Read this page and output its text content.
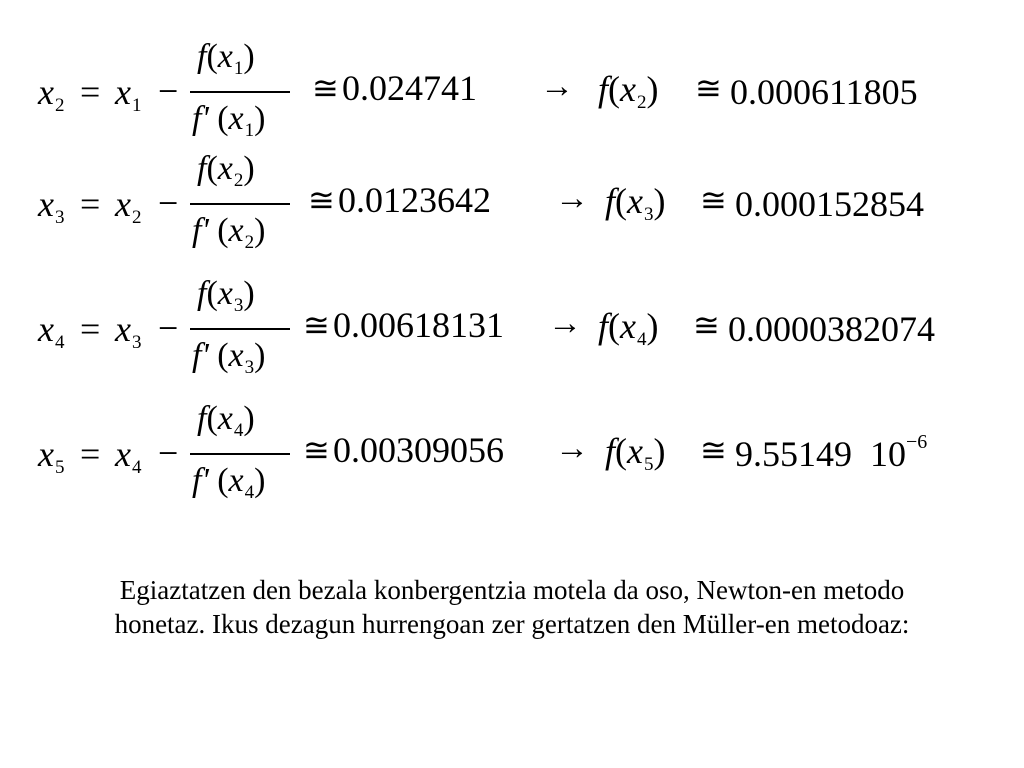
$x_2 = x_1$ −
$f(x_1)$
f' $(x_1)$
≅ $0.024741 \to f(x_2)$ ≅ 0.000611805
$x_3 = x_2$ −
$f(x_2)$
f' $(x_2)$
≅ $0.0123642 \to f(x_3)$ ≅ 0.000152854
$x_4 = x_3$ −
$f(x_3)$
f' $(x_3)$
≅ $0.00618131 \to f(x_4)$ ≅ 0.0000382074
$x_5 = x_4$ −
$f(x_4)$
f' $(x_4)$
≅ $0.00309056 \to f(x_5)$ ≅ 9.55149  $10^{-6}$

Egiaztatzen den bezala konbergentzia motela da oso, Newton-en metodo
honetaz. Ikus dezagun hurrengoan zer gertatzen den Müller-en metodoaz:
